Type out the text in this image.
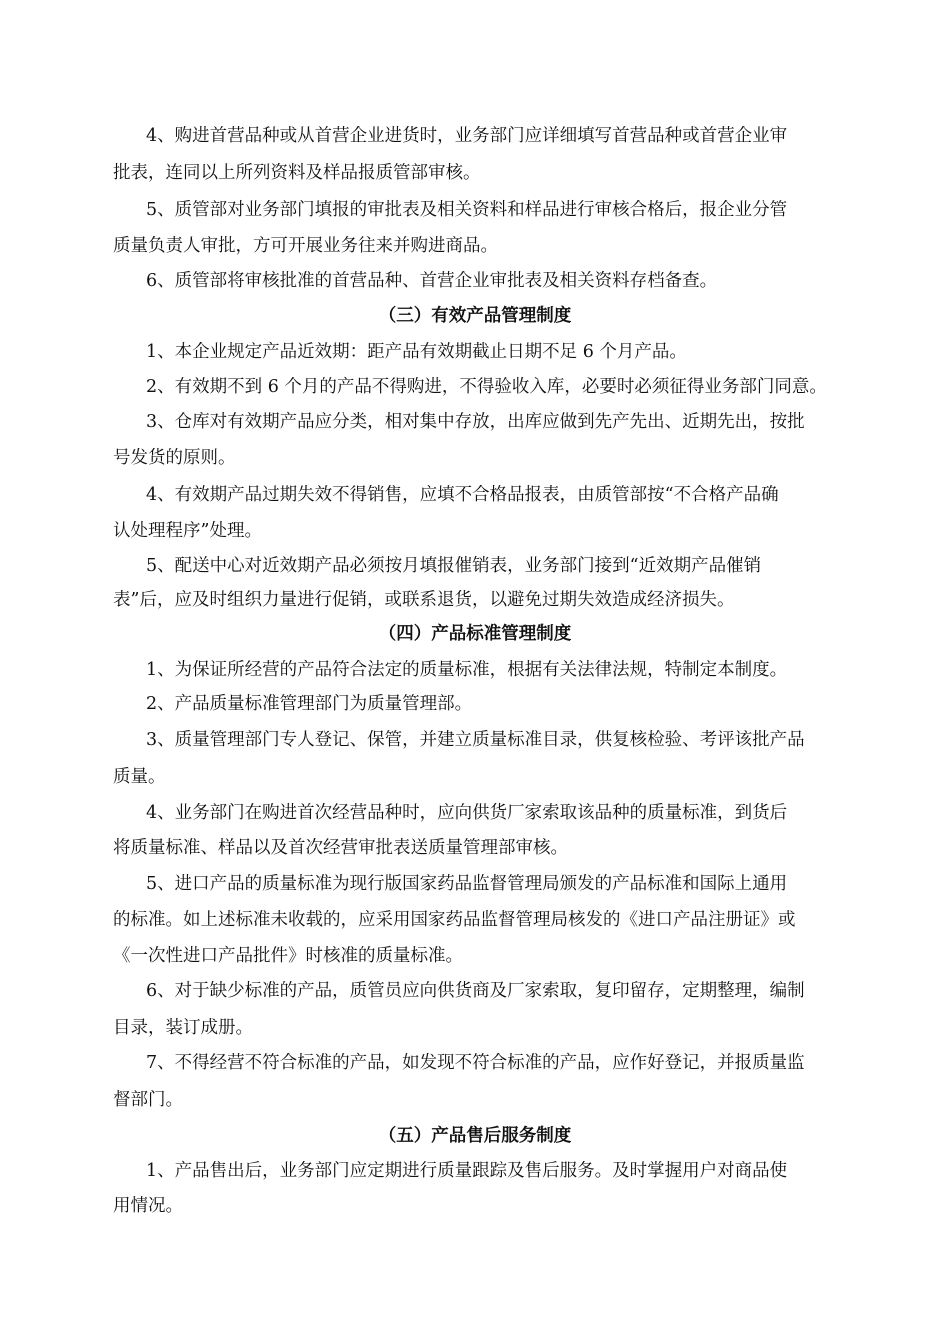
4、购进首营品种或从首营企业进货时，业务部门应详细填写首营品种或首营企业审
批表，连同以上所列资料及样品报质管部审核。
5、质管部对业务部门填报的审批表及相关资料和样品进行审核合格后，报企业分管
质量负责人审批，方可开展业务往来并购进商品。
6、质管部将审核批准的首营品种、首营企业审批表及相关资料存档备查。
（三）有效产品管理制度
1、本企业规定产品近效期：距产品有效期截止日期不足 6 个月产品。
2、有效期不到 6 个月的产品不得购进，不得验收入库，必要时必须征得业务部门同意。
3、仓库对有效期产品应分类，相对集中存放，出库应做到先产先出、近期先出，按批
号发货的原则。
4、有效期产品过期失效不得销售，应填不合格品报表，由质管部按“不合格产品确
认处理程序”处理。
5、配送中心对近效期产品必须按月填报催销表，业务部门接到“近效期产品催销
表”后，应及时组织力量进行促销，或联系退货，以避免过期失效造成经济损失。
（四）产品标准管理制度
1、为保证所经营的产品符合法定的质量标准，根据有关法律法规，特制定本制度。
2、产品质量标准管理部门为质量管理部。
3、质量管理部门专人登记、保管，并建立质量标准目录，供复核检验、考评该批产品
质量。
4、业务部门在购进首次经营品种时，应向供货厂家索取该品种的质量标准，到货后
将质量标准、样品以及首次经营审批表送质量管理部审核。
5、进口产品的质量标准为现行版国家药品监督管理局颁发的产品标准和国际上通用
的标准。如上述标准未收载的，应采用国家药品监督管理局核发的《进口产品注册证》或
《一次性进口产品批件》时核准的质量标准。
6、对于缺少标准的产品，质管员应向供货商及厂家索取，复印留存，定期整理，编制
目录，装订成册。
7、不得经营不符合标准的产品，如发现不符合标准的产品，应作好登记，并报质量监
督部门。
（五）产品售后服务制度
1、产品售出后，业务部门应定期进行质量跟踪及售后服务。及时掌握用户对商品使
用情况。
